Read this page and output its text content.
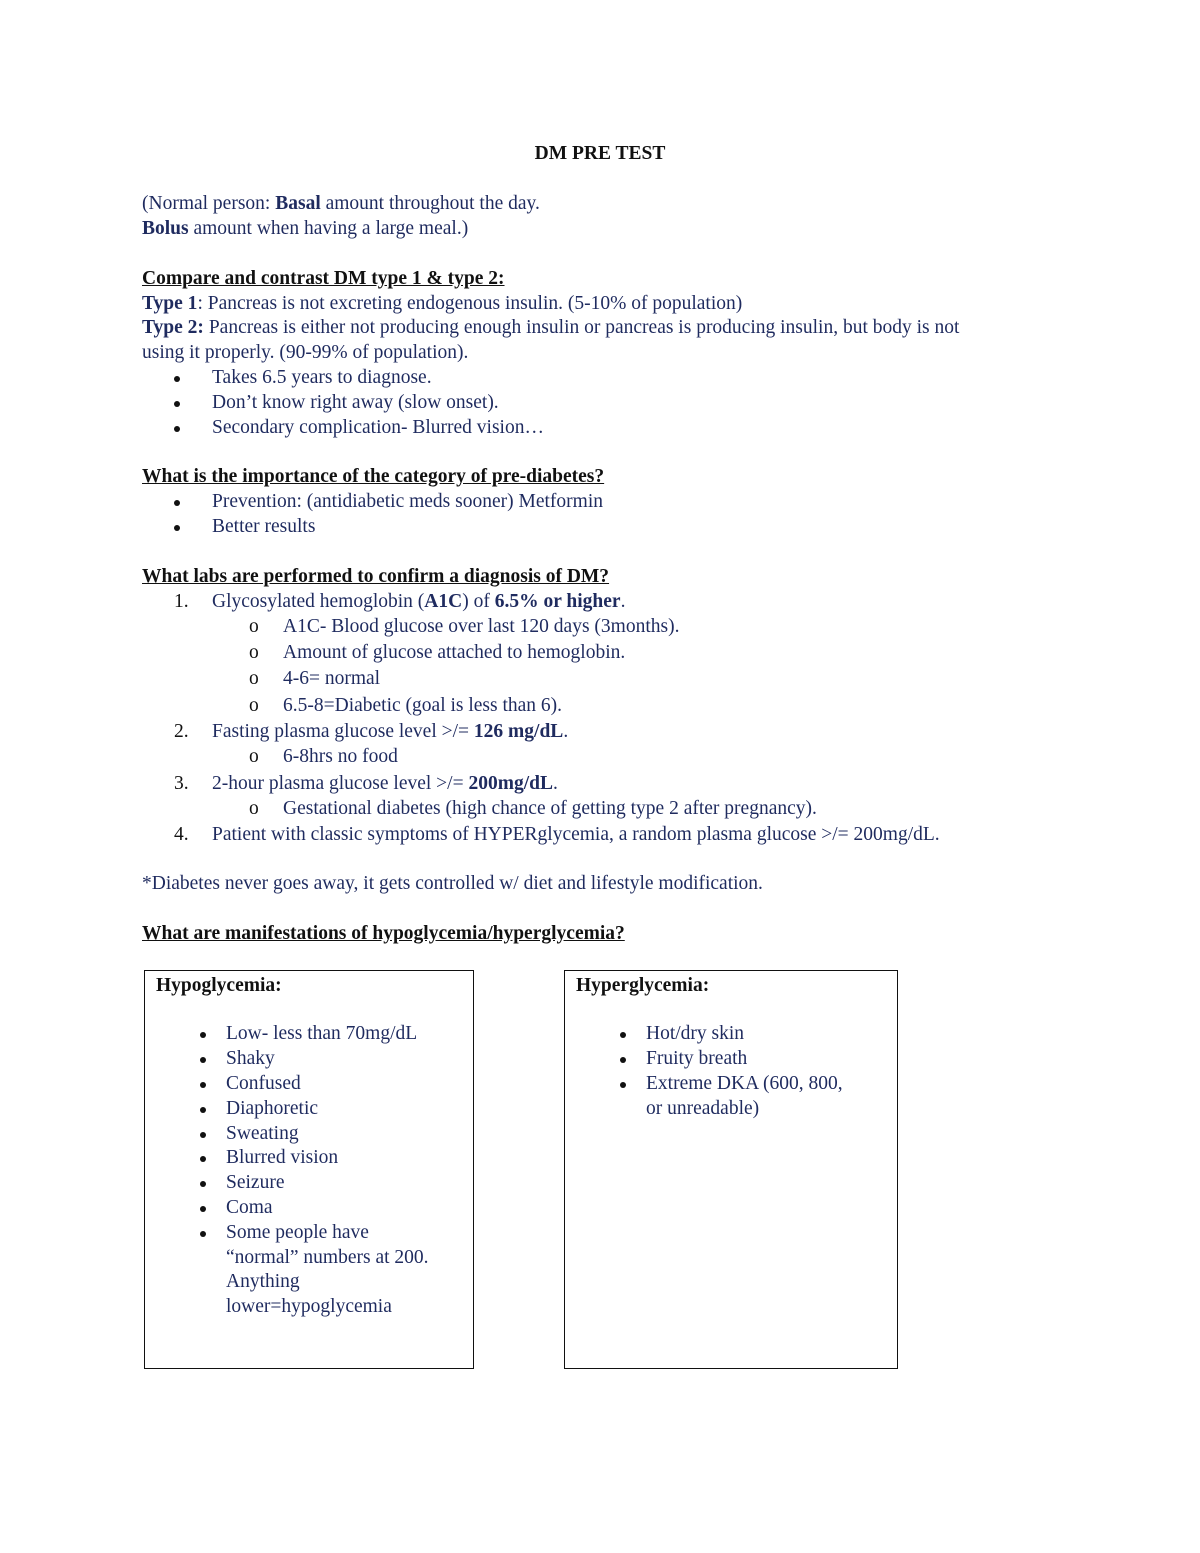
DM PRE TEST
(Normal person: Basal amount throughout the day.
Bolus amount when having a large meal.)
Compare and contrast DM type 1 & type 2:
Type 1: Pancreas is not excreting endogenous insulin. (5-10% of population)
Type 2: Pancreas is either not producing enough insulin or pancreas is producing insulin, but body is not
using it properly. (90-99% of population).
Takes 6.5 years to diagnose.
Don’t know right away (slow onset).
Secondary complication- Blurred vision…
What is the importance of the category of pre-diabetes?
Prevention: (antidiabetic meds sooner) Metformin
Better results
What labs are performed to confirm a diagnosis of DM?
1. Glycosylated hemoglobin (A1C) of 6.5% or higher.
o A1C- Blood glucose over last 120 days (3months).
o Amount of glucose attached to hemoglobin.
o 4-6= normal
o 6.5-8=Diabetic (goal is less than 6).
2. Fasting plasma glucose level >/= 126 mg/dL.
o 6-8hrs no food
3. 2-hour plasma glucose level >/= 200mg/dL.
o Gestational diabetes (high chance of getting type 2 after pregnancy).
4. Patient with classic symptoms of HYPERglycemia, a random plasma glucose >/= 200mg/dL.
*Diabetes never goes away, it gets controlled w/ diet and lifestyle modification.
What are manifestations of hypoglycemia/hyperglycemia?
Hypoglycemia:
Low- less than 70mg/dL
Shaky
Confused
Diaphoretic
Sweating
Blurred vision
Seizure
Coma
Some people have
“normal” numbers at 200.
Anything
lower=hypoglycemia
Hyperglycemia:
Hot/dry skin
Fruity breath
Extreme DKA (600, 800,
or unreadable)
